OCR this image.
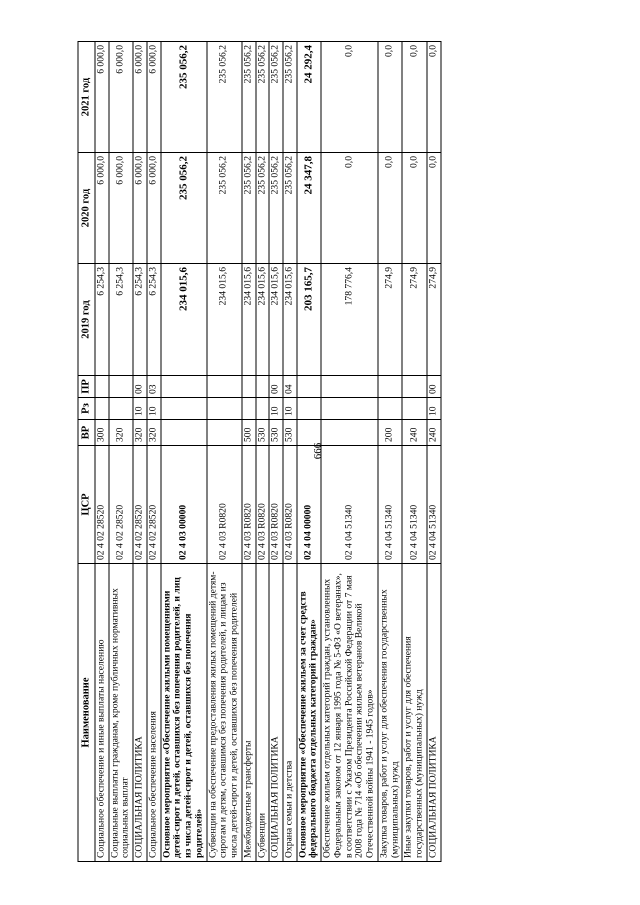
666
Наименование	ЦСР	ВР	Рз	ПР	2019 год	2020 год	2021 год
Социальное обеспечение и иные выплаты населению	02 4 02 28520	300			6 254,3	6 000,0	6 000,0
Социальные выплаты гражданам, кроме публичных нормативных социальных выплат	02 4 02 28520	320			6 254,3	6 000,0	6 000,0
СОЦИАЛЬНАЯ ПОЛИТИКА	02 4 02 28520	320	10	00	6 254,3	6 000,0	6 000,0
Социальное обеспечение населения	02 4 02 28520	320	10	03	6 254,3	6 000,0	6 000,0
Основное мероприятие «Обеспечение жилыми помещениями детей-сирот и детей, оставшихся без попечения родителей, и лиц из числа детей-сирот и детей, оставшихся без попечения родителей»	02 4 03 00000				234 015,6	235 056,2	235 056,2
Субвенции на обеспечение предоставления жилых помещений детям-сиротам и детям, оставшимся без попечения родителей, и лицам из числа детей-сирот и детей, оставшихся без попечения родителей	02 4 03 R0820				234 015,6	235 056,2	235 056,2
Межбюджетные трансферты	02 4 03 R0820	500			234 015,6	235 056,2	235 056,2
Субвенции	02 4 03 R0820	530			234 015,6	235 056,2	235 056,2
СОЦИАЛЬНАЯ ПОЛИТИКА	02 4 03 R0820	530	10	00	234 015,6	235 056,2	235 056,2
Охрана семьи и детства	02 4 03 R0820	530	10	04	234 015,6	235 056,2	235 056,2
Основное мероприятие «Обеспечение жильем за счет средств федерального бюджета отдельных категорий граждан»	02 4 04 00000				203 165,7	24 347,8	24 292,4
Обеспечение жильем отдельных категорий граждан, установленных Федеральным законом от 12 января 1995 года № 5-ФЗ «О ветеранах», в соответствии с Указом Президента Российской Федерации от 7 мая 2008 года № 714 «Об обеспечении жильем ветеранов Великой Отечественной войны 1941 - 1945 годов»	02 4 04 51340				178 776,4	0,0	0,0
Закупка товаров, работ и услуг для обеспечения государственных (муниципальных) нужд	02 4 04 51340	200			274,9	0,0	0,0
Иные закупки товаров, работ и услуг для обеспечения государственных (муниципальных) нужд	02 4 04 51340	240			274,9	0,0	0,0
СОЦИАЛЬНАЯ ПОЛИТИКА	02 4 04 51340	240	10	00	274,9	0,0	0,0
